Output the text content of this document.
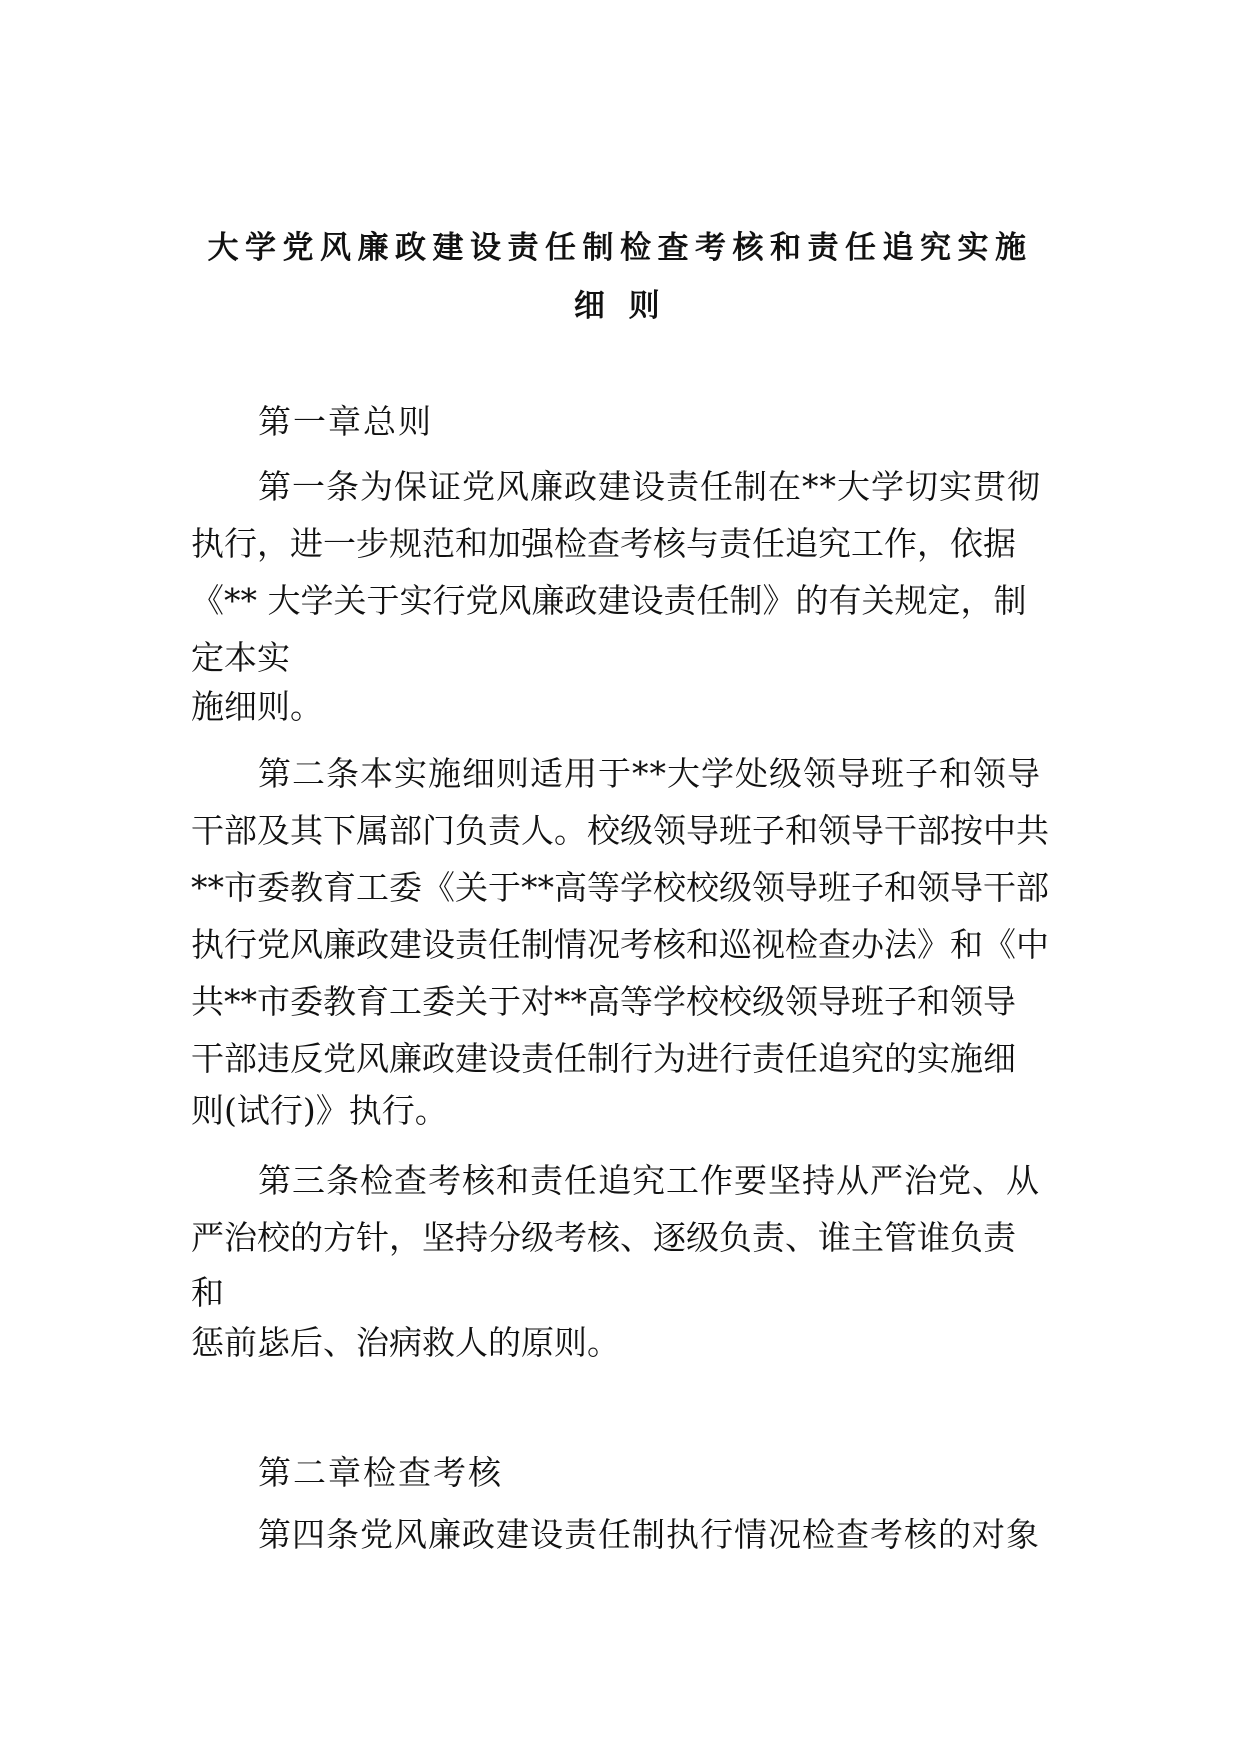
大学党风廉政建设责任制检查考核和责任追究实施
细 则
第一章总则
第一条为保证党风廉政建设责任制在**大学切实贯彻
执行，进一步规范和加强检查考核与责任追究工作，依据
《** 大学关于实行党风廉政建设责任制》的有关规定，制
定本实
施细则。
第二条本实施细则适用于**大学处级领导班子和领导
干部及其下属部门负责人。校级领导班子和领导干部按中共
**市委教育工委《关于**高等学校校级领导班子和领导干部
执行党风廉政建设责任制情况考核和巡视检查办法》和《中
共**市委教育工委关于对**高等学校校级领导班子和领导
干部违反党风廉政建设责任制行为进行责任追究的实施细
则(试行)》执行。
第三条检查考核和责任追究工作要坚持从严治党、从
严治校的方针，坚持分级考核、逐级负责、谁主管谁负责
和
惩前毖后、治病救人的原则。
第二章检查考核
第四条党风廉政建设责任制执行情况检查考核的对象
